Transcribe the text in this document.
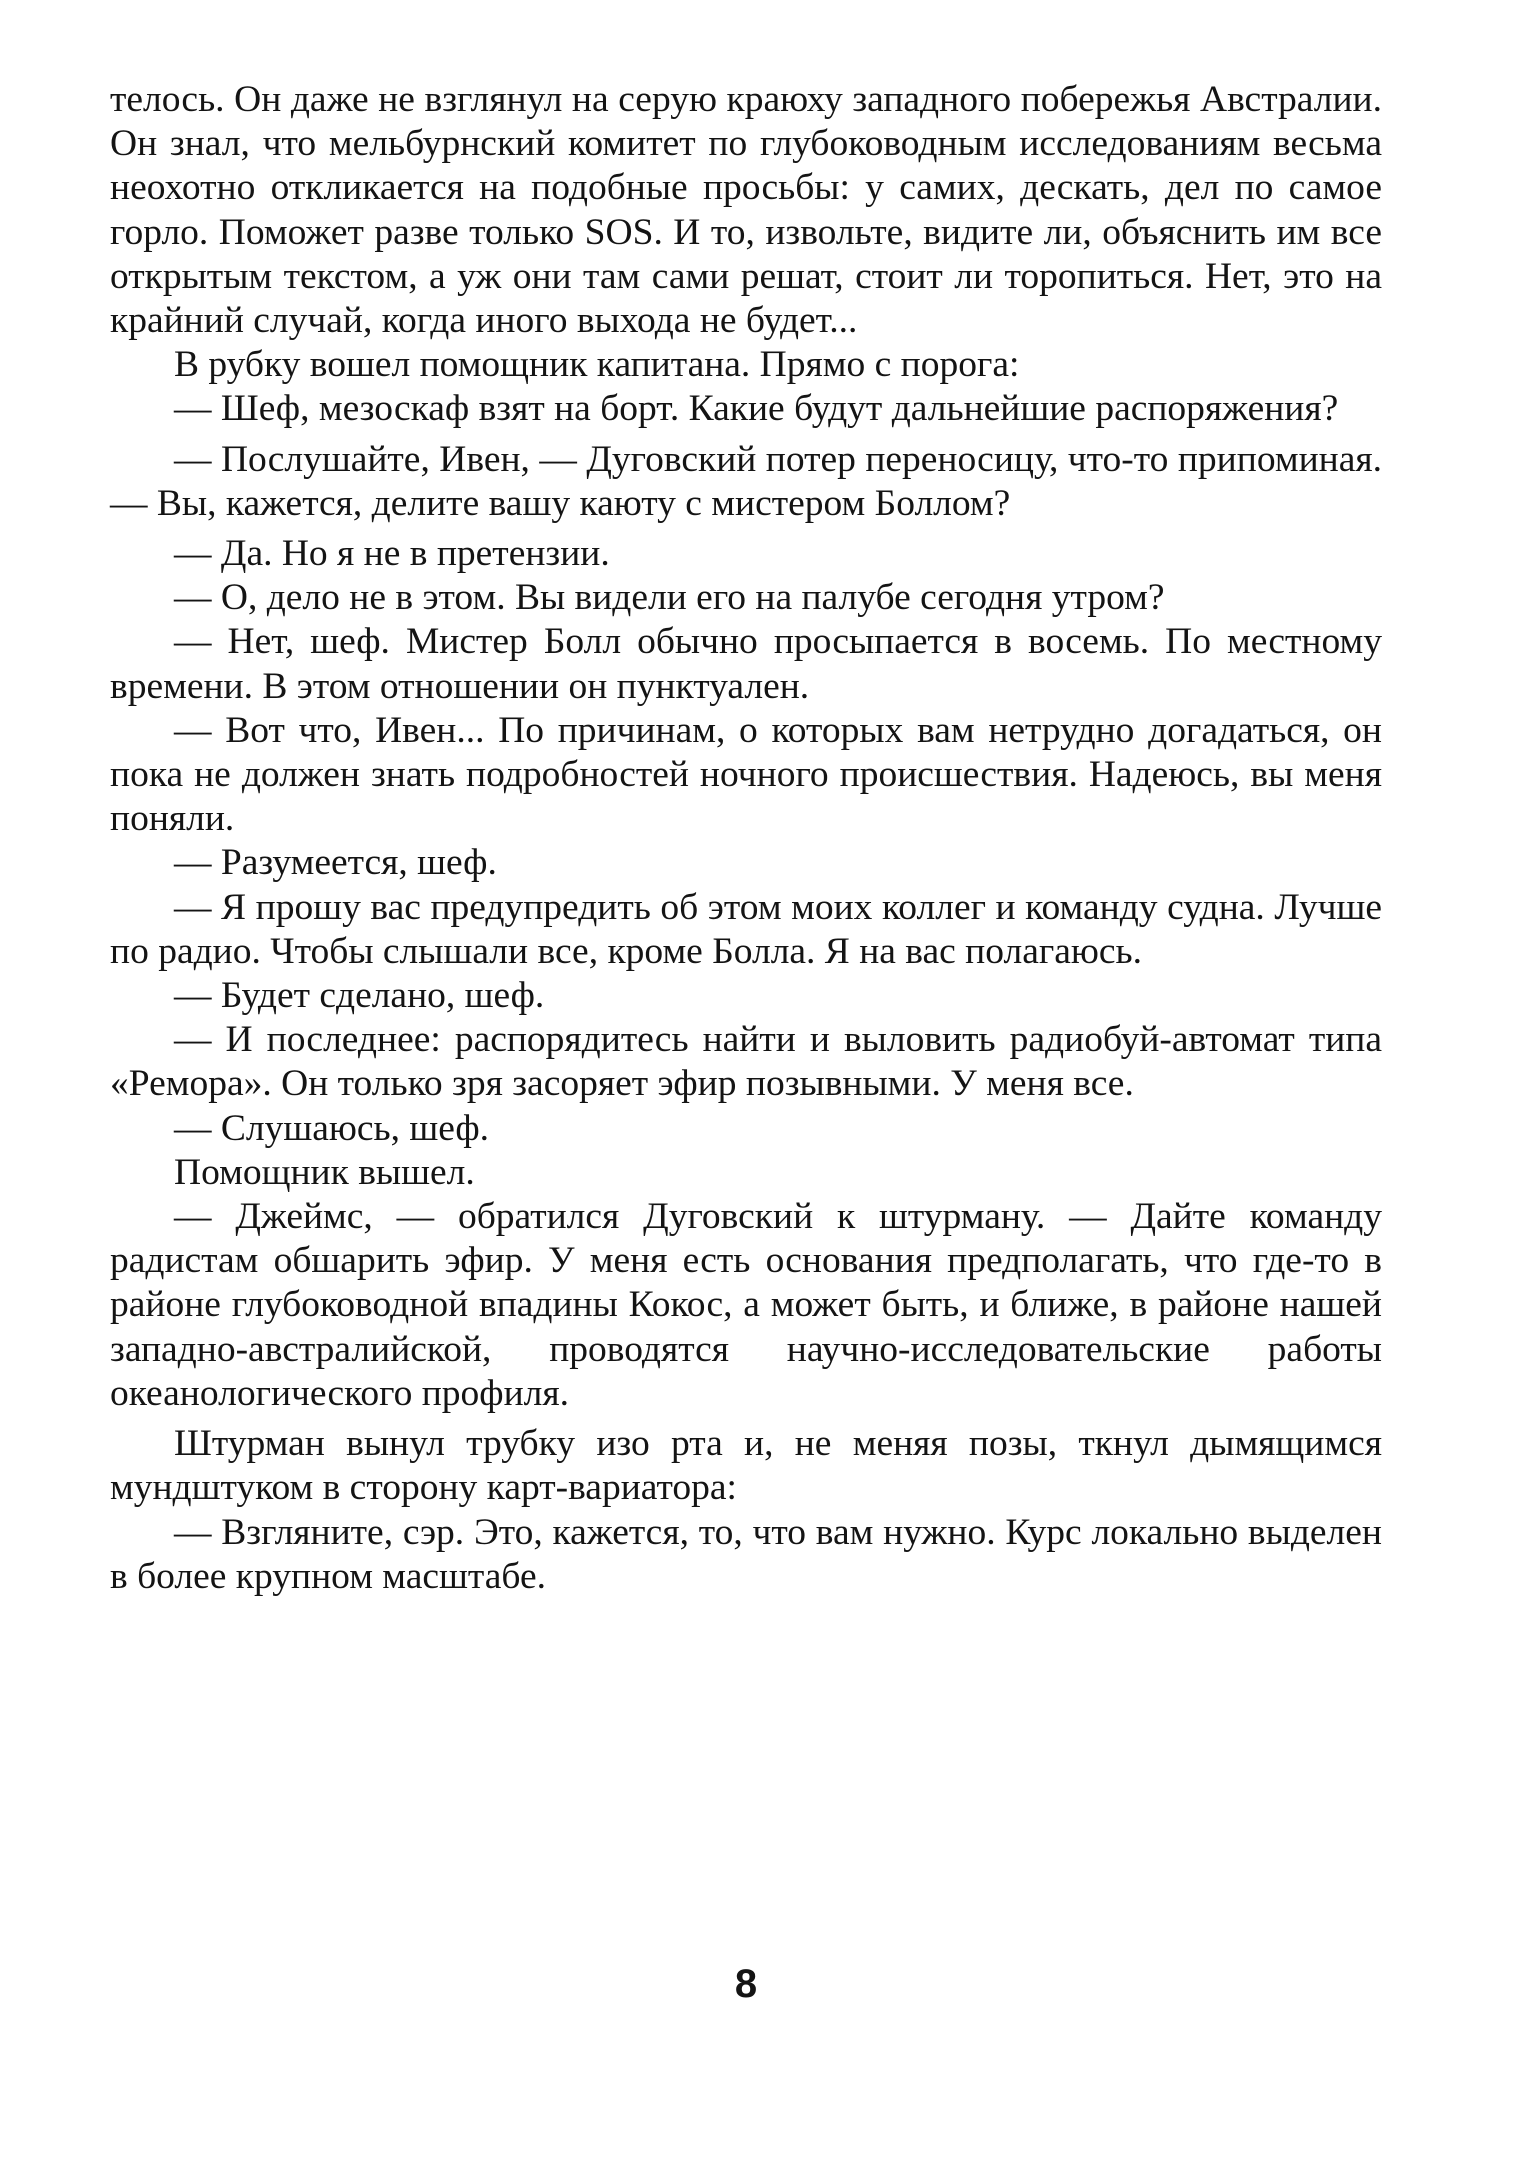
телось. Он даже не взглянул на серую краюху западного побережья Австралии. Он знал, что мельбурнский комитет по глубоководным исследованиям весьма неохотно откликается на подобные просьбы: у самих, дескать, дел по самое горло. Поможет разве только SOS. И то, извольте, видите ли, объяснить им все открытым текстом, а уж они там сами решат, стоит ли торопиться. Нет, это на крайний случай, когда иного выхода не будет...

В рубку вошел помощник капитана. Прямо с порога:

— Шеф, мезоскаф взят на борт. Какие будут дальнейшие распоряжения?

— Послушайте, Ивен, — Дуговский потер переносицу, что-то припоминая. — Вы, кажется, делите вашу каюту с мистером Боллом?

— Да. Но я не в претензии.

— О, дело не в этом. Вы видели его на палубе сегодня утром?

— Нет, шеф. Мистер Болл обычно просыпается в восемь. По местному времени. В этом отношении он пунктуален.

— Вот что, Ивен... По причинам, о которых вам нетрудно догадаться, он пока не должен знать подробностей ночного происшествия. Надеюсь, вы меня поняли.

— Разумеется, шеф.

— Я прошу вас предупредить об этом моих коллег и команду судна. Лучше по радио. Чтобы слышали все, кроме Болла. Я на вас полагаюсь.

— Будет сделано, шеф.

— И последнее: распорядитесь найти и выловить радиобуй-автомат типа «Ремора». Он только зря засоряет эфир позывными. У меня все.

— Слушаюсь, шеф.

Помощник вышел.

— Джеймс, — обратился Дуговский к штурману. — Дайте команду радистам обшарить эфир. У меня есть основания предполагать, что где-то в районе глубоководной впадины Кокос, а может быть, и ближе, в районе нашей западно-австралийской, проводятся научно-исследовательские работы океанологического профиля.

Штурман вынул трубку изо рта и, не меняя позы, ткнул дымящимся мундштуком в сторону карт-вариатора:

— Взгляните, сэр. Это, кажется, то, что вам нужно. Курс локально выделен в более крупном масштабе.

8
